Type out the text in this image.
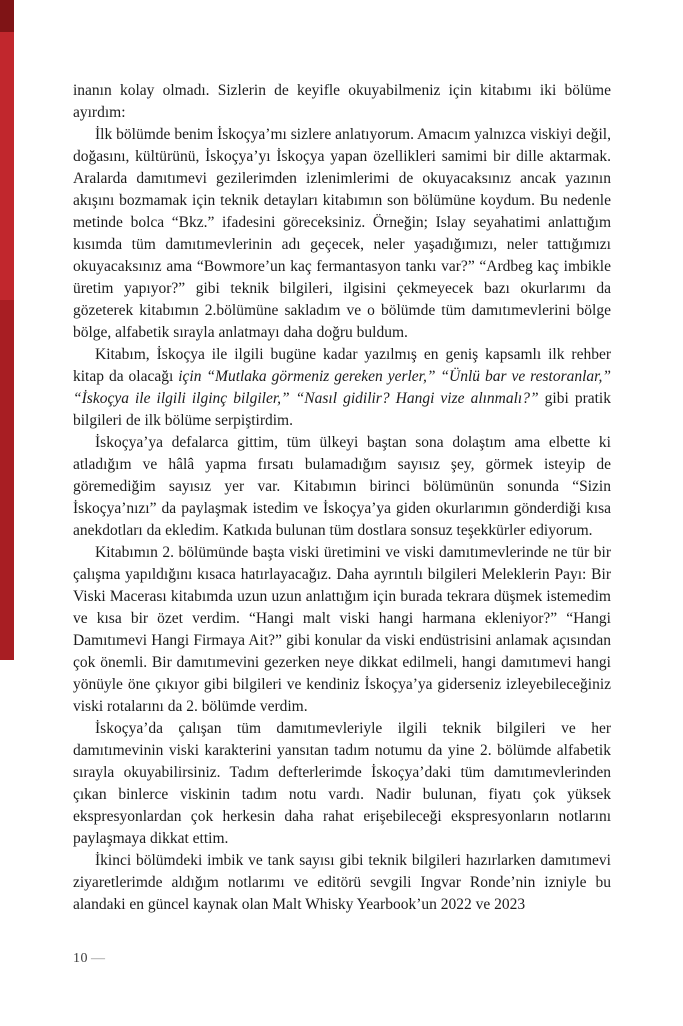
inanın kolay olmadı. Sizlerin de keyifle okuyabilmeniz için kitabımı iki bölüme ayırdım:

İlk bölümde benim İskoçya’mı sizlere anlatıyorum. Amacım yalnızca viskiyi değil, doğasını, kültürünü, İskoçya’yı İskoçya yapan özellikleri samimi bir dille aktarmak. Aralarda damıtımevi gezilerimden izlenimlerimi de okuyacaksınız ancak yazının akışını bozmamak için teknik detayları kitabımın son bölümüne koydum. Bu nedenle metinde bolca “Bkz.” ifadesini göreceksiniz. Örneğin; Islay seyahatimi anlattığım kısımda tüm damıtımevlerinin adı geçecek, neler yaşadığımızı, neler tattığımızı okuyacaksınız ama “Bowmore’un kaç fermantasyon tankı var?” “Ardbeg kaç imbikle üretim yapıyor?” gibi teknik bilgileri, ilgisini çekmeyecek bazı okurlarımı da gözeterek kitabımın 2.bölümüne sakladım ve o bölümde tüm damıtımevlerini bölge bölge, alfabetik sırayla anlatmayı daha doğru buldum.

Kitabım, İskoçya ile ilgili bugüne kadar yazılmış en geniş kapsamlı ilk rehber kitap da olacağı için “Mutlaka görmeniz gereken yerler,” “Ünlü bar ve restoranlar,” “İskoçya ile ilgili ilginç bilgiler,” “Nasıl gidilir? Hangi vize alınmalı?” gibi pratik bilgileri de ilk bölüme serpiştirdim.

İskoçya’ya defalarca gittim, tüm ülkeyi baştan sona dolaştım ama elbette ki atladığım ve hâlâ yapma fırsatı bulamadığım sayısız şey, görmek isteyip de göremediğim sayısız yer var. Kitabımın birinci bölümünün sonunda “Sizin İskoçya’nızı” da paylaşmak istedim ve İskoçya’ya giden okurlarımın gönderdiği kısa anekdotları da ekledim. Katkıda bulunan tüm dostlara sonsuz teşekkürler ediyorum.

Kitabımın 2. bölümünde başta viski üretimini ve viski damıtımevlerinde ne tür bir çalışma yapıldığını kısaca hatırlayacağız. Daha ayrıntılı bilgileri Meleklerin Payı: Bir Viski Macerası kitabımda uzun uzun anlattığım için burada tekrara düşmek istemedim ve kısa bir özet verdim. “Hangi malt viski hangi harmana ekleniyor?” “Hangi Damıtımevi Hangi Firmaya Ait?” gibi konular da viski endüstrisini anlamak açısından çok önemli. Bir damıtımevini gezerken neye dikkat edilmeli, hangi damıtımevi hangi yönüyle öne çıkıyor gibi bilgileri ve kendiniz İskoçya’ya giderseniz izleyebileceğiniz viski rotalarını da 2. bölümde verdim.

İskoçya’da çalışan tüm damıtımevleriyle ilgili teknik bilgileri ve her damıtımevinin viski karakterini yansıtan tadım notumu da yine 2. bölümde alfabetik sırayla okuyabilirsiniz. Tadım defterlerimde İskoçya’daki tüm damıtımevlerinden çıkan binlerce viskinin tadım notu vardı. Nadir bulunan, fiyatı çok yüksek ekspresyonlardan çok herkesin daha rahat erişebileceği ekspresyonların notlarını paylaşmaya dikkat ettim.

İkinci bölümdeki imbik ve tank sayısı gibi teknik bilgileri hazırlarken damıtımevi ziyaretlerimde aldığım notlarımı ve editörü sevgili Ingvar Ronde’nin izniyle bu alandaki en güncel kaynak olan Malt Whisky Yearbook’un 2022 ve 2023

10 —
